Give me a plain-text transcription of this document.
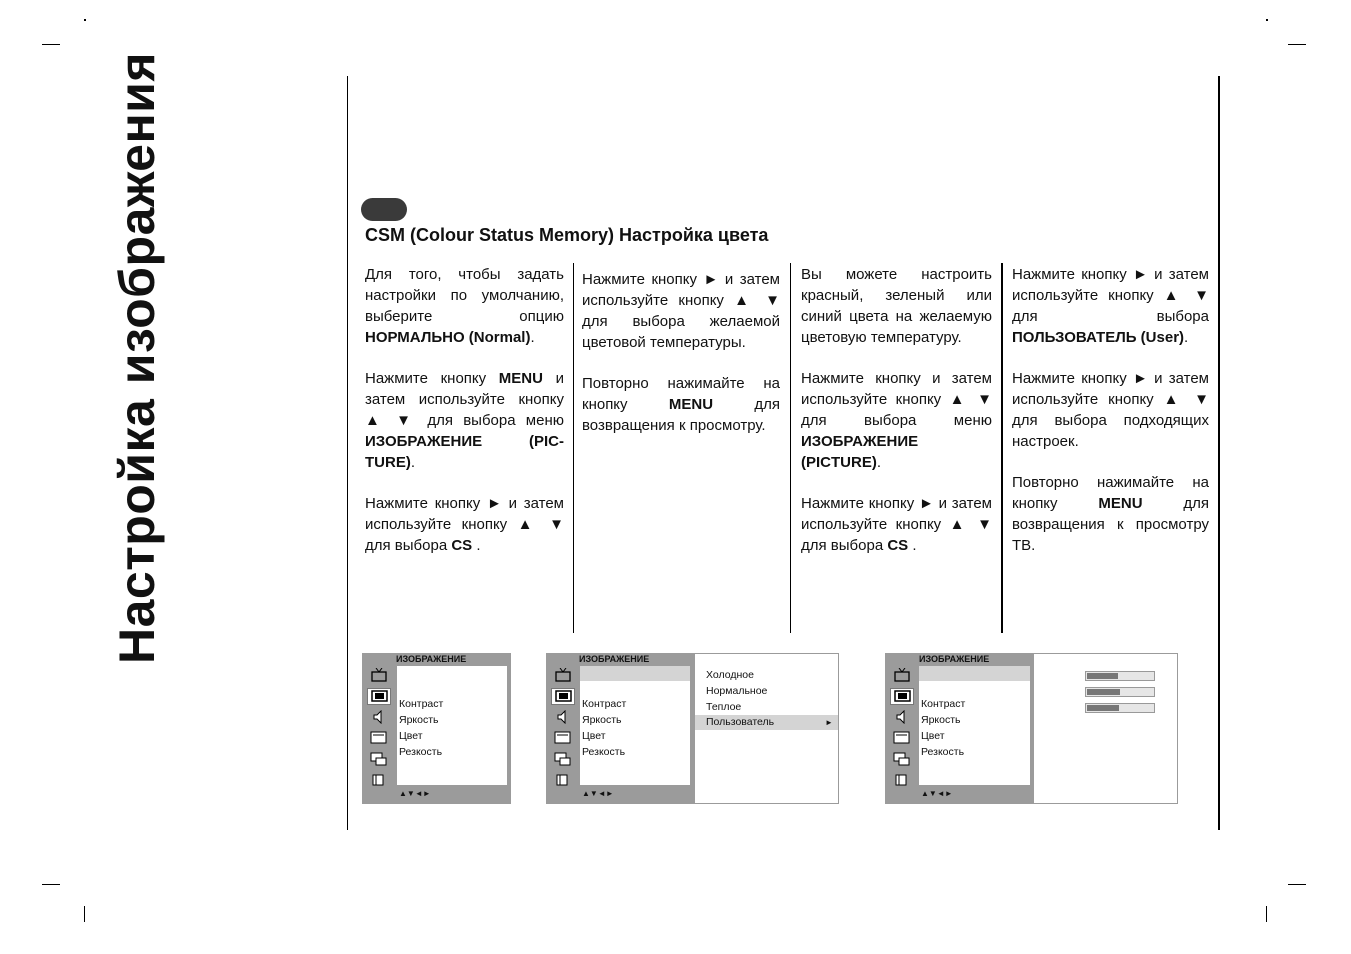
Настройка изображения	CSM (Colour Status Memory) Настройка цвета

Для того, чтобы задать настройки по умолчанию, выберите опцию НОРМАЛЬНО (Normal).

Нажмите кнопку MENU и затем используйте кнопку ▲ ▼ для выбора меню ИЗОБРАЖЕНИЕ (PIC-TURE).

Нажмите кнопку ► и затем используйте кнопку ▲ ▼ для выбора CS .

Нажмите кнопку ► и затем используйте кнопку ▲ ▼ для выбора желаемой цветовой температуры.

Повторно нажимайте на кнопку MENU для возвращения к просмотру.

Вы можете настроить красный, зеленый или синий цвета на желаемую цветовую температуру.

Нажмите кнопку и затем используйте кнопку ▲ ▼ для выбора меню ИЗОБРАЖЕНИЕ (PICTURE).

Нажмите кнопку ► и затем используйте кнопку ▲ ▼ для выбора CS .

Нажмите кнопку ► и затем используйте кнопку ▲ ▼ для выбора ПОЛЬЗОВАТЕЛЬ (User).

Нажмите кнопку ► и затем используйте кнопку ▲ ▼ для выбора подходящих настроек.

Повторно нажимайте на кнопку MENU для возвращения к просмотру ТВ.

ИЗОБРАЖЕНИЕ
Контраст
Яркость
Цвет
Резкость
▲▼◄►
ИЗОБРАЖЕНИЕ
Контраст
Яркость
Цвет
Резкость
▲▼◄►
Холодное
Нормальное
Теплое
Пользователь	►
ИЗОБРАЖЕНИЕ
Контраст
Яркость
Цвет
Резкость
▲▼◄►
